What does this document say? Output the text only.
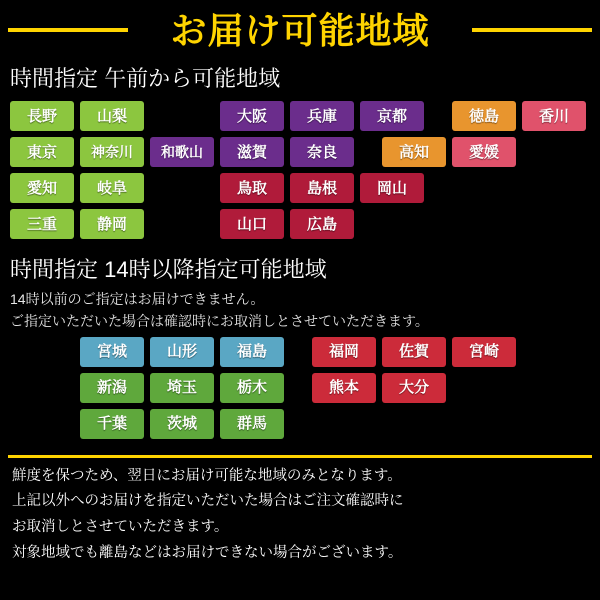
お届け可能地域
時間指定 午前から可能地域
長野	山梨	大阪	兵庫	京都	徳島	香川
東京	神奈川	和歌山	滋賀	奈良	高知	愛媛
愛知	岐阜	鳥取	島根	岡山
三重	静岡	山口	広島
時間指定 14時以降指定可能地域
14時以前のご指定はお届けできません。
ご指定いただいた場合は確認時にお取消しとさせていただきます。
宮城	山形	福島	福岡	佐賀	宮崎
新潟	埼玉	栃木	熊本	大分
千葉	茨城	群馬
鮮度を保つため、翌日にお届け可能な地域のみとなります。
上記以外へのお届けを指定いただいた場合はご注文確認時に
お取消しとさせていただきます。
対象地域でも離島などはお届けできない場合がございます。
